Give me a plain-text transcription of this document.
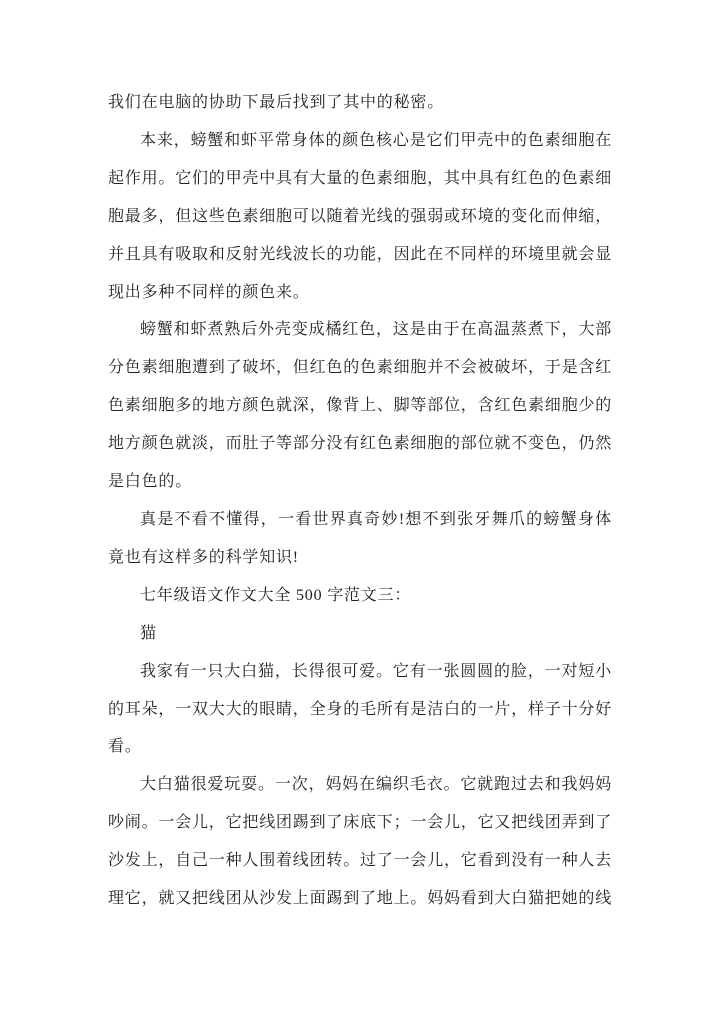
我们在电脑的协助下最后找到了其中的秘密。

本来，螃蟹和虾平常身体的颜色核心是它们甲壳中的色素细胞在起作用。它们的甲壳中具有大量的色素细胞，其中具有红色的色素细胞最多，但这些色素细胞可以随着光线的强弱或环境的变化而伸缩，并且具有吸取和反射光线波长的功能，因此在不同样的环境里就会显现出多种不同样的颜色来。

螃蟹和虾煮熟后外壳变成橘红色，这是由于在高温蒸煮下，大部分色素细胞遭到了破坏，但红色的色素细胞并不会被破坏，于是含红色素细胞多的地方颜色就深，像背上、脚等部位，含红色素细胞少的地方颜色就淡，而肚子等部分没有红色素细胞的部位就不变色，仍然是白色的。

真是不看不懂得，一看世界真奇妙!想不到张牙舞爪的螃蟹身体竟也有这样多的科学知识!

七年级语文作文大全 500 字范文三：

猫

我家有一只大白猫，长得很可爱。它有一张圆圆的脸，一对短小的耳朵，一双大大的眼睛，全身的毛所有是洁白的一片，样子十分好看。

大白猫很爱玩耍。一次，妈妈在编织毛衣。它就跑过去和我妈妈吵闹。一会儿，它把线团踢到了床底下；一会儿，它又把线团弄到了沙发上，自己一种人围着线团转。过了一会儿，它看到没有一种人去理它，就又把线团从沙发上面踢到了地上。妈妈看到大白猫把她的线
